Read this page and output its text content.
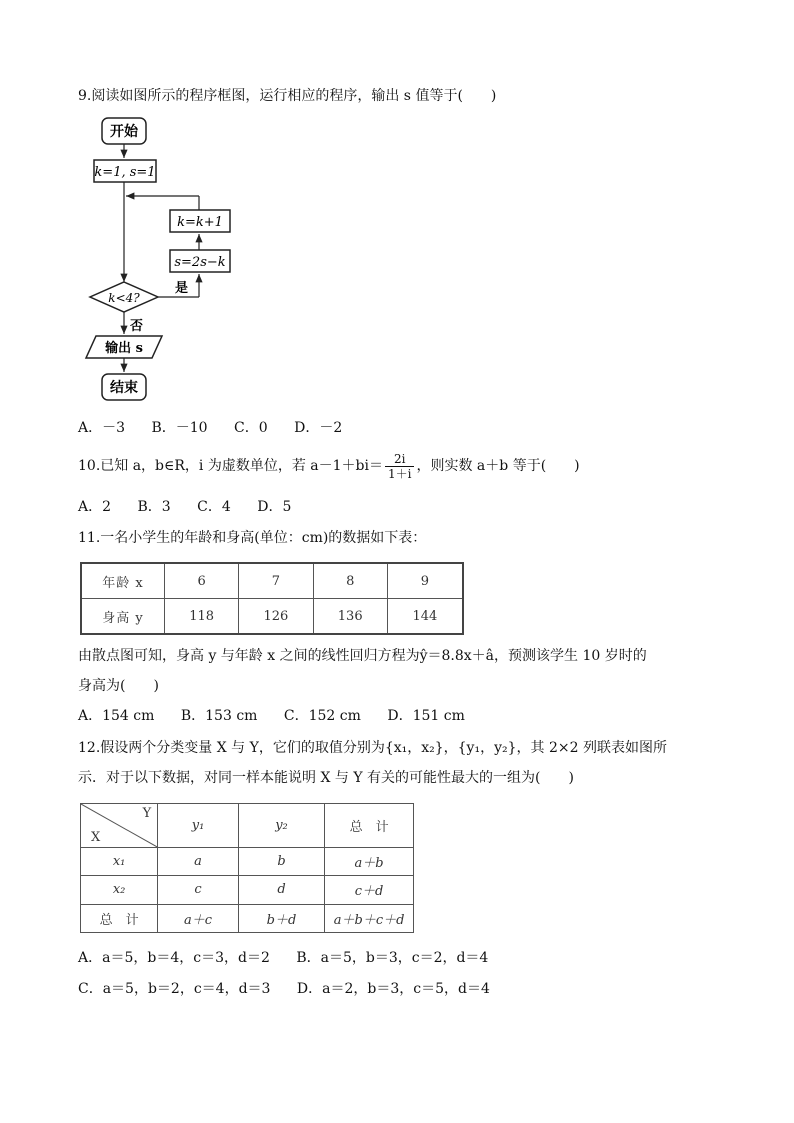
9.阅读如图所示的程序框图，运行相应的程序，输出 s 值等于(　　)
开始
k=1, s=1
k=k+1
s=2s−k
是
k<4?
否
输出 s
结束
A．－3 B．－10 C．0 D．－2
10.已知 a，b∈R，i 为虚数单位，若 $a-1+bi= \frac{2i}{1+i}$ ，则实数 a＋b 等于(　　)
A．2 B．3 C．4 D．5
11.一名小学生的年龄和身高(单位：cm)的数据如下表：
年龄 x	6	7	8	9
身高 y	118	126	136	144
由散点图可知，身高 y 与年龄 x 之间的线性回归方程为ŷ＝8.8x＋â，预测该学生 10 岁时的
身高为(　　)
A．154 cm B．153 cm C．152 cm D．151 cm
12.假设两个分类变量 X 与 Y，它们的取值分别为{x₁，x₂}，{y₁，y₂}，其 2×2 列联表如图所
示．对于以下数据，对同一样本能说明 X 与 Y 有关的可能性最大的一组为(　　)
Y
X	y₁	y₂	总　计
x₁	a	b	a＋b
x₂	c	d	c＋d
总　计	a＋c	b＋d	a＋b＋c＋d
A．a＝5，b＝4，c＝3，d＝2 B．a＝5，b＝3，c＝2，d＝4
C．a＝5，b＝2，c＝4，d＝3 D．a＝2，b＝3，c＝5，d＝4
